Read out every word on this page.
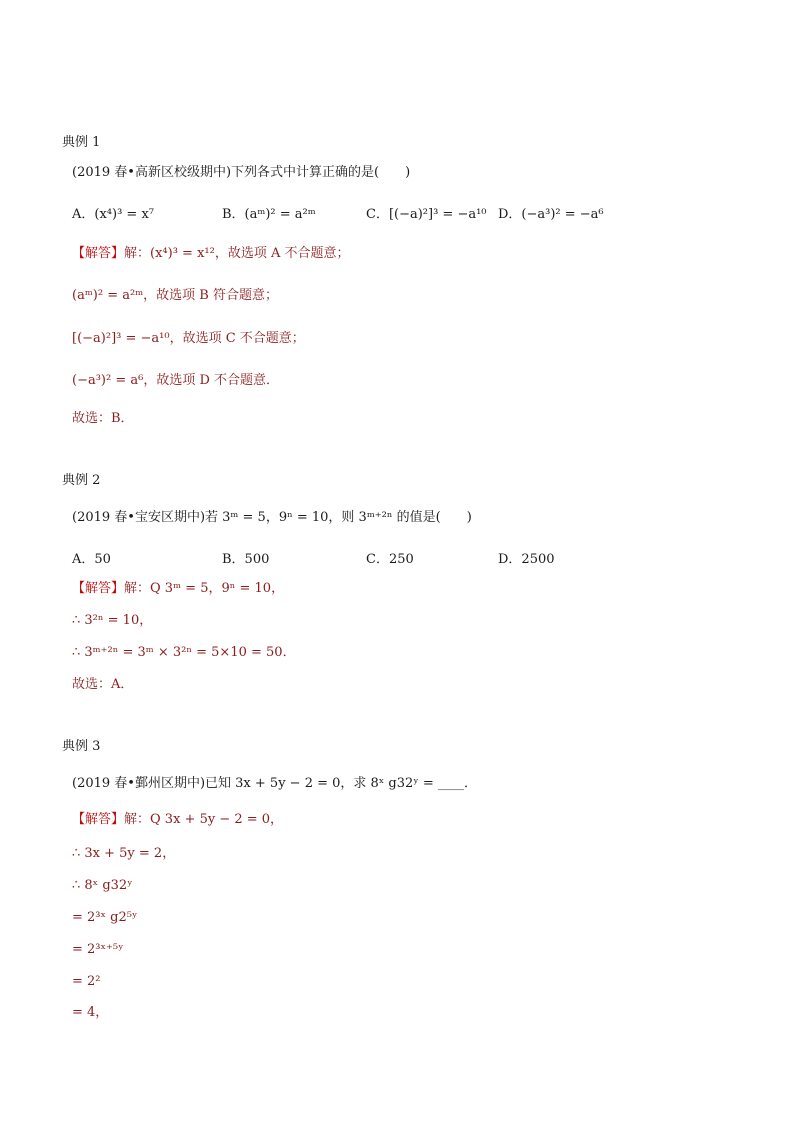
典例 1
(2019 春•高新区校级期中)下列各式中计算正确的是(　　)
A．(x⁴)³ = x⁷	B．(aᵐ)² = a²ᵐ	C．[(−a)²]³ = −a¹⁰ D．(−a³)² = −a⁶
【解答】解：(x⁴)³ = x¹²，故选项 A 不合题意；
(aᵐ)² = a²ᵐ，故选项 B 符合题意；
[(−a)²]³ = −a¹⁰，故选项 C 不合题意；
(−a³)² = a⁶，故选项 D 不合题意．
故选：B．
典例 2
(2019 春•宝安区期中)若 3ᵐ = 5，9ⁿ = 10，则 3ᵐ⁺²ⁿ 的值是(　　)
A．50	B．500	C．250	D．2500
【解答】解：Q 3ᵐ = 5，9ⁿ = 10，
∴ 3²ⁿ = 10，
∴ 3ᵐ⁺²ⁿ = 3ᵐ × 3²ⁿ = 5×10 = 50．
故选：A．
典例 3
(2019 春•鄞州区期中)已知 3x + 5y − 2 = 0，求 8ˣ g32ʸ = ____．
【解答】解：Q 3x + 5y − 2 = 0，
∴ 3x + 5y = 2，
∴ 8ˣ g32ʸ
= 2³ˣ g2⁵ʸ
= 2³ˣ⁺⁵ʸ
= 2²
= 4，
